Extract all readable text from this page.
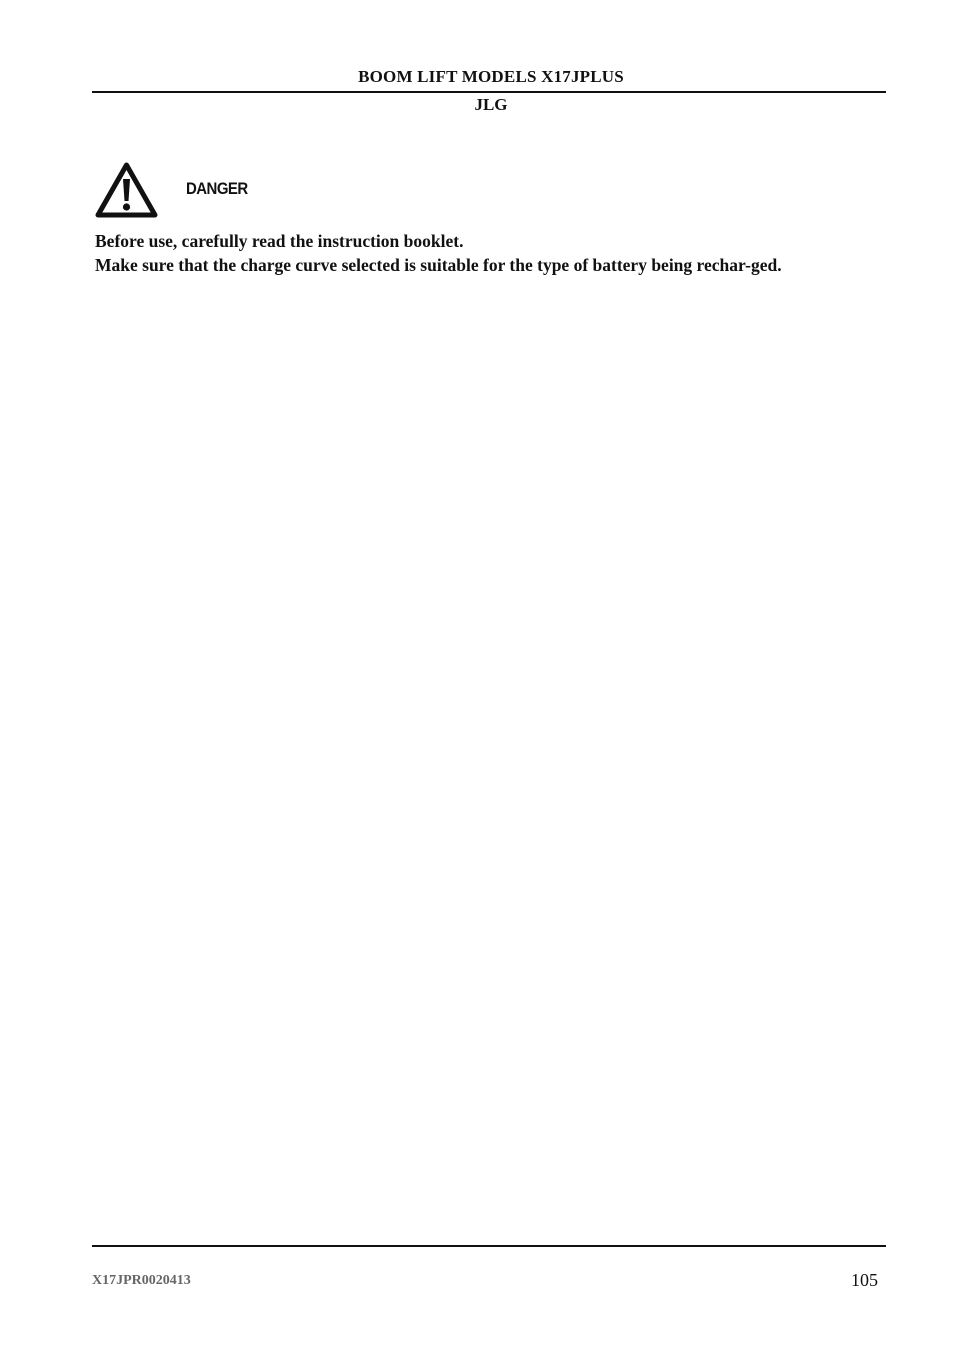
BOOM LIFT MODELS X17JPLUS
JLG
DANGER

Before use, carefully read the instruction booklet.

Make sure that the charge curve selected is suitable for the type of battery being rechar-ged.

X17JPR0020413	105
